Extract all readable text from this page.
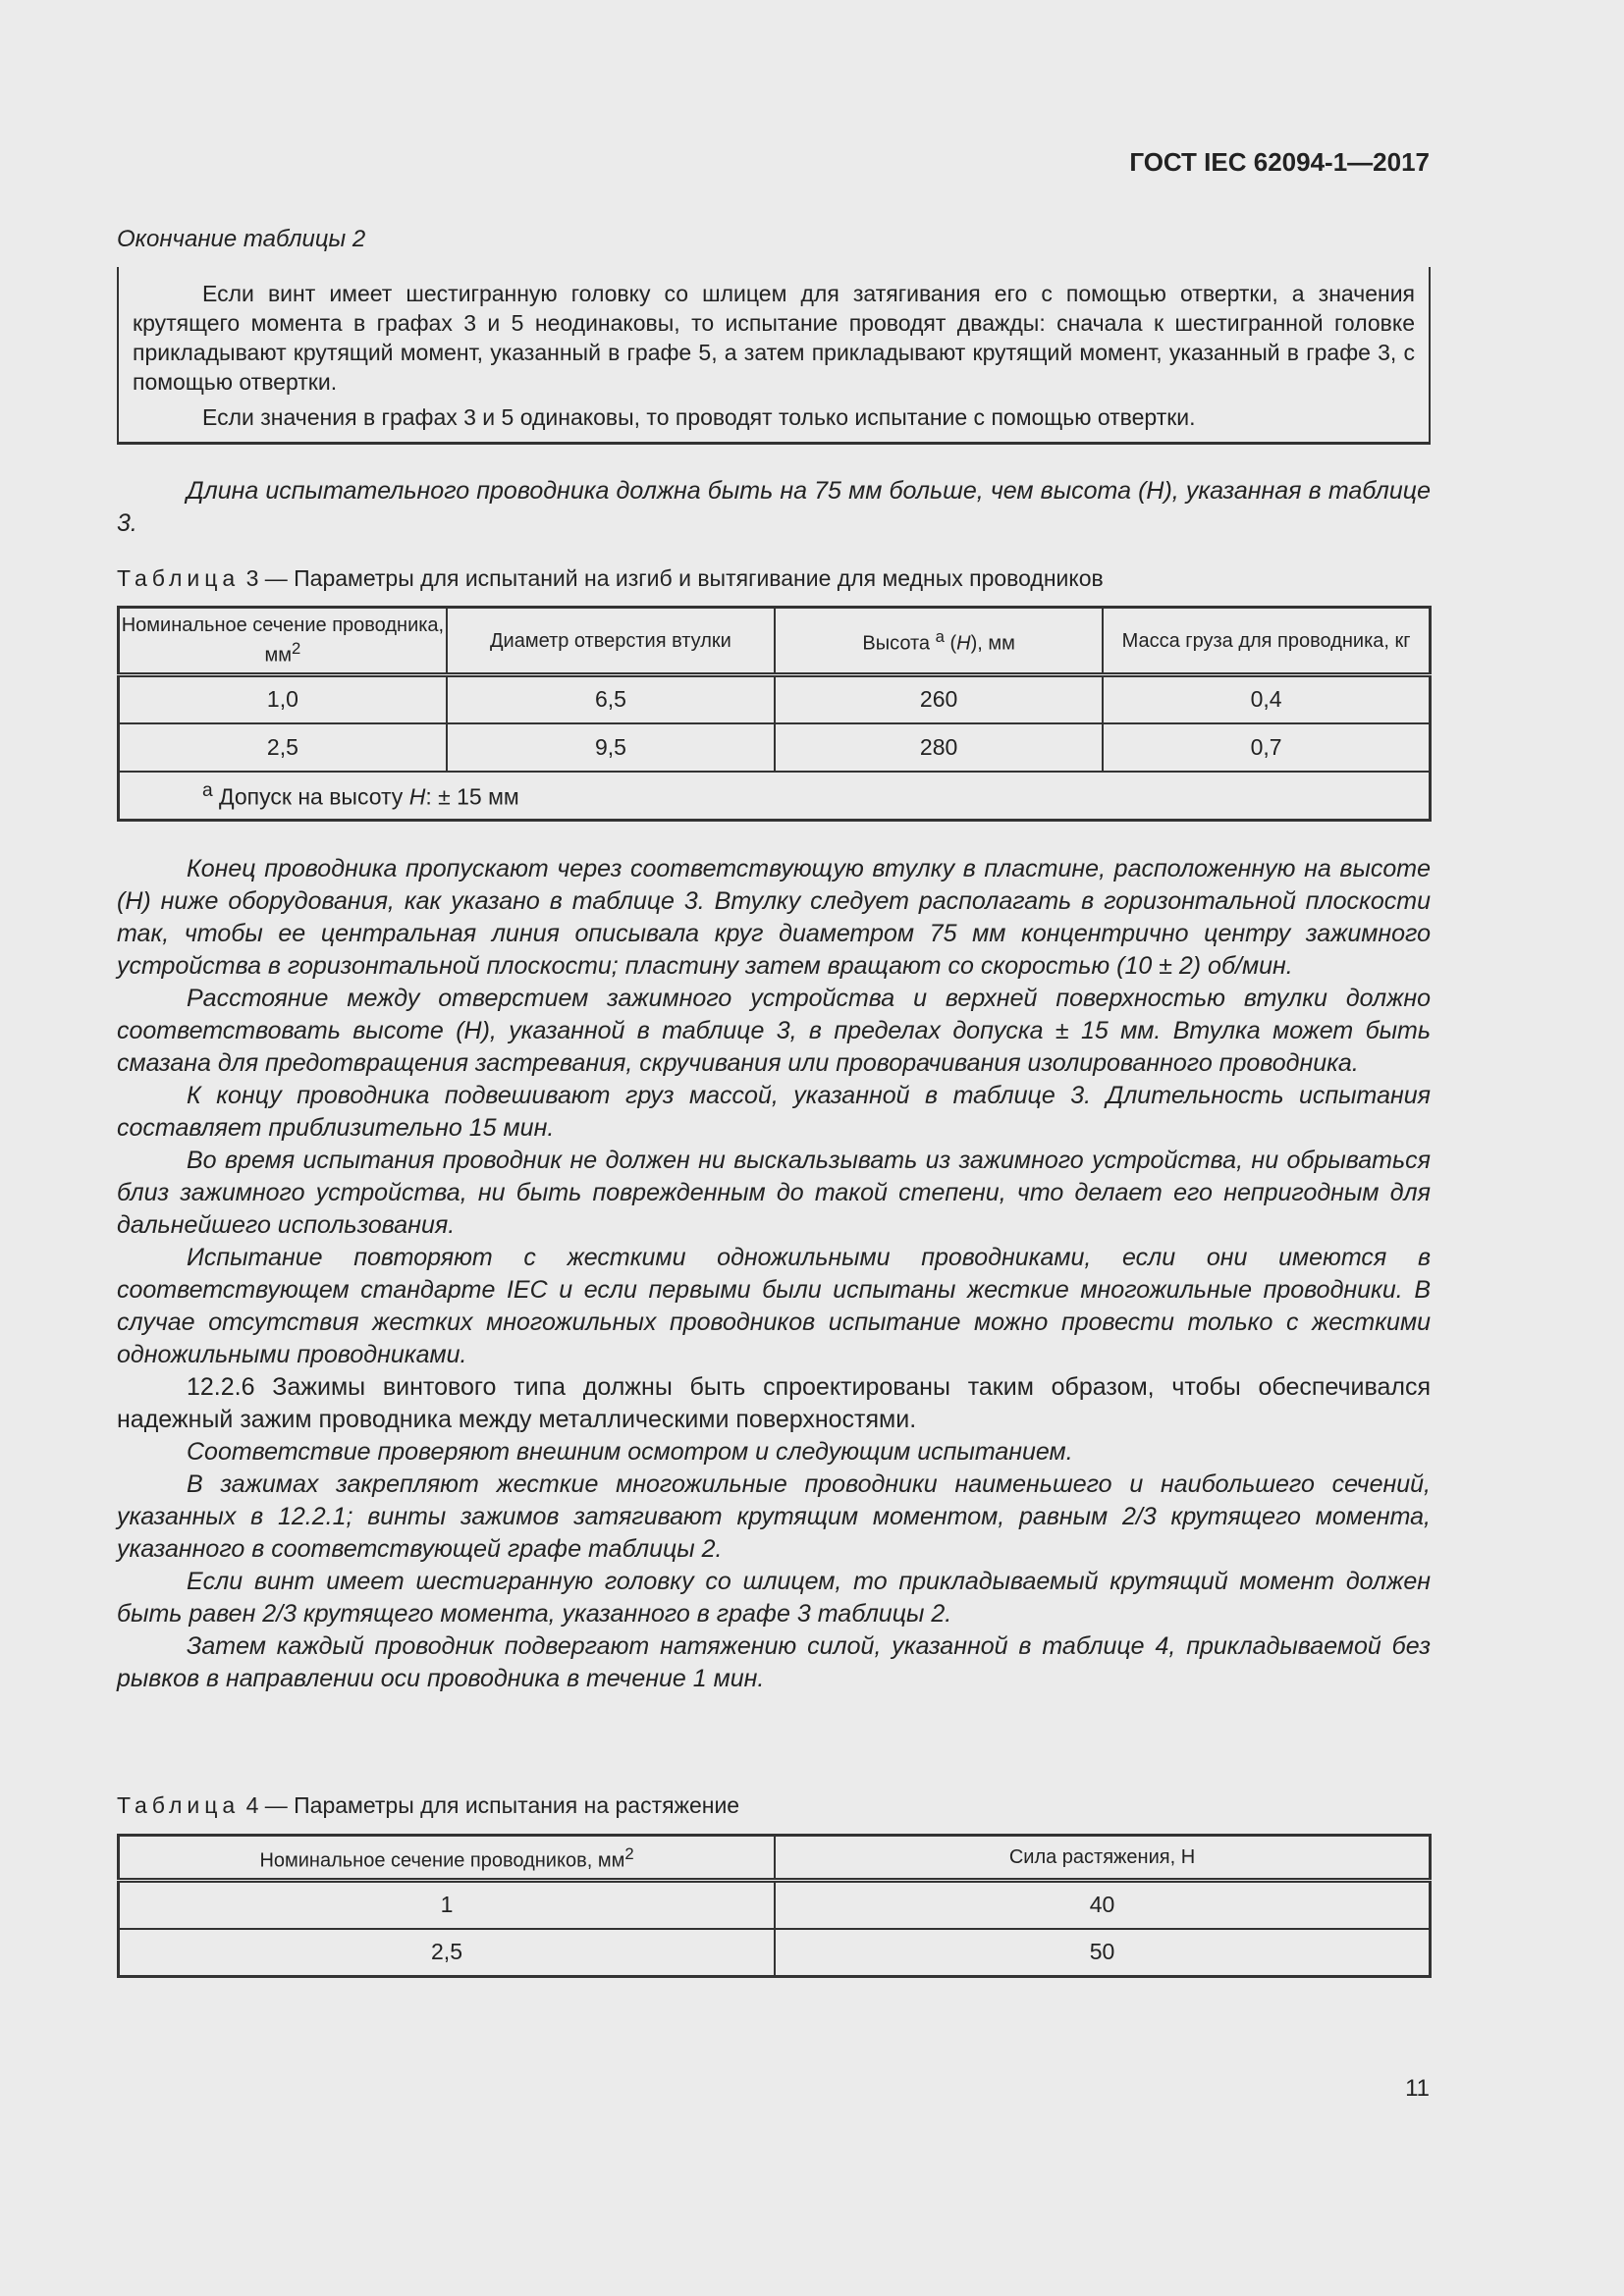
ГОСТ IEC 62094-1—2017
Окончание таблицы 2

Если винт имеет шестигранную головку со шлицем для затягивания его с помощью отвертки, а значения крутящего момента в графах 3 и 5 неодинаковы, то испытание проводят дважды: сначала к шестигранной головке прикладывают крутящий момент, указанный в графе 5, а затем прикладывают крутящий момент, указанный в графе 3, с помощью отвертки.

Если значения в графах 3 и 5 одинаковы, то проводят только испытание с помощью отвертки.

Длина испытательного проводника должна быть на 75 мм больше, чем высота (H), указанная в таблице 3.

Таблица 3 — Параметры для испытаний на изгиб и вытягивание для медных проводников
Номинальное сечение проводника, $мм^2$	Диаметр отверстия втулки	Высота $^a$ (H), мм	Масса груза для проводника, кг
1,0	6,5	260	0,4
2,5	9,5	280	0,7
$^a$ Допуск на высоту H: ± 15 мм			

Конец проводника пропускают через соответствующую втулку в пластине, расположенную на высоте (H) ниже оборудования, как указано в таблице 3. Втулку следует располагать в горизонтальной плоскости так, чтобы ее центральная линия описывала круг диаметром 75 мм концентрично центру зажимного устройства в горизонтальной плоскости; пластину затем вращают со скоростью (10 ± 2) об/мин.

Расстояние между отверстием зажимного устройства и верхней поверхностью втулки должно соответствовать высоте (H), указанной в таблице 3, в пределах допуска ± 15 мм. Втулка может быть смазана для предотвращения застревания, скручивания или проворачивания изолированного проводника.

К концу проводника подвешивают груз массой, указанной в таблице 3. Длительность испытания составляет приблизительно 15 мин.

Во время испытания проводник не должен ни выскальзывать из зажимного устройства, ни обрываться близ зажимного устройства, ни быть поврежденным до такой степени, что делает его непригодным для дальнейшего использования.

Испытание повторяют с жесткими одножильными проводниками, если они имеются в соответствующем стандарте IEC и если первыми были испытаны жесткие многожильные проводники. В случае отсутствия жестких многожильных проводников испытание можно провести только с жесткими одножильными проводниками.

12.2.6 Зажимы винтового типа должны быть спроектированы таким образом, чтобы обеспечивался надежный зажим проводника между металлическими поверхностями.

Соответствие проверяют внешним осмотром и следующим испытанием.

В зажимах закрепляют жесткие многожильные проводники наименьшего и наибольшего сечений, указанных в 12.2.1; винты зажимов затягивают крутящим моментом, равным 2/3 крутящего момента, указанного в соответствующей графе таблицы 2.

Если винт имеет шестигранную головку со шлицем, то прикладываемый крутящий момент должен быть равен 2/3 крутящего момента, указанного в графе 3 таблицы 2.

Затем каждый проводник подвергают натяжению силой, указанной в таблице 4, прикладываемой без рывков в направлении оси проводника в течение 1 мин.

Таблица 4 — Параметры для испытания на растяжение
Номинальное сечение проводников, $мм^2$	Сила растяжения, Н
1	40
2,5	50
11
